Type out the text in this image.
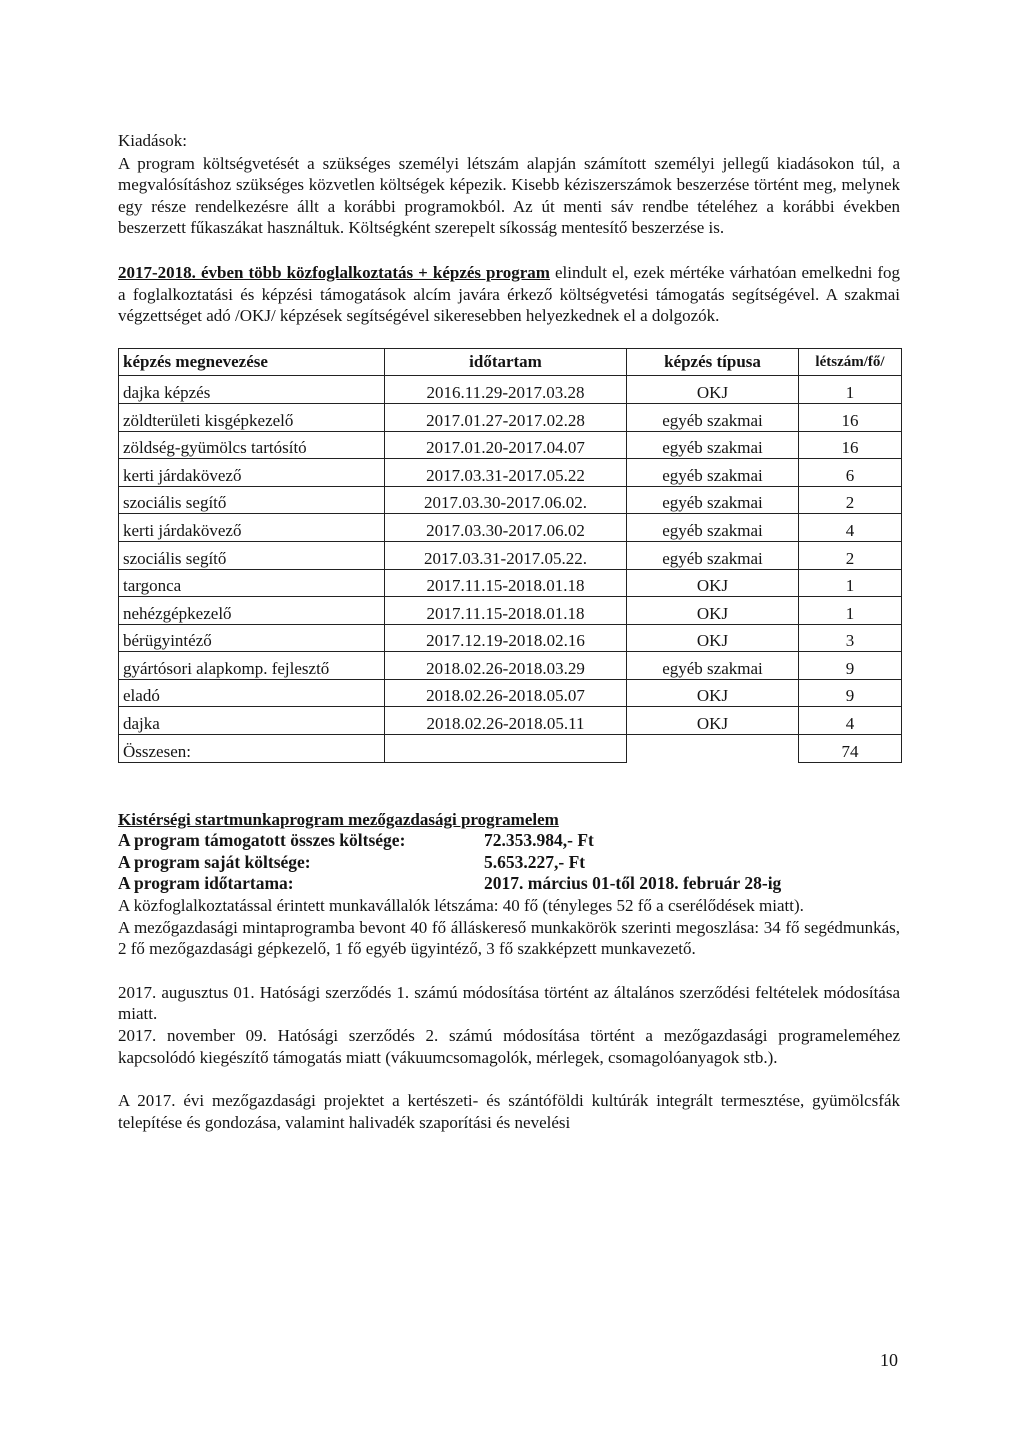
Kiadások:

A program költségvetését a szükséges személyi létszám alapján számított személyi jellegű kiadásokon túl, a megvalósításhoz szükséges közvetlen költségek képezik. Kisebb kéziszerszámok beszerzése történt meg, melynek egy része rendelkezésre állt a korábbi programokból. Az út menti sáv rendbe tételéhez a korábbi években beszerzett fűkaszákat használtuk. Költségként szerepelt síkosság mentesítő beszerzése is.

2017-2018. évben több közfoglalkoztatás + képzés program elindult el, ezek mértéke várhatóan emelkedni fog a foglalkoztatási és képzési támogatások alcím javára érkező költségvetési támogatás segítségével. A szakmai végzettséget adó /OKJ/ képzések segítségével sikeresebben helyezkednek el a dolgozók.

képzés megnevezése	időtartam	képzés típusa	létszám/fő/
dajka képzés	2016.11.29-2017.03.28	OKJ	1
zöldterületi kisgépkezelő	2017.01.27-2017.02.28	egyéb szakmai	16
zöldség-gyümölcs tartósító	2017.01.20-2017.04.07	egyéb szakmai	16
kerti járdakövező	2017.03.31-2017.05.22	egyéb szakmai	6
szociális segítő	2017.03.30-2017.06.02.	egyéb szakmai	2
kerti járdakövező	2017.03.30-2017.06.02	egyéb szakmai	4
szociális segítő	2017.03.31-2017.05.22.	egyéb szakmai	2
targonca	2017.11.15-2018.01.18	OKJ	1
nehézgépkezelő	2017.11.15-2018.01.18	OKJ	1
bérügyintéző	2017.12.19-2018.02.16	OKJ	3
gyártósori alapkomp. fejlesztő	2018.02.26-2018.03.29	egyéb szakmai	9
eladó	2018.02.26-2018.05.07	OKJ	9
dajka	2018.02.26-2018.05.11	OKJ	4
Összesen:			74

Kistérségi startmunkaprogram mezőgazdasági programelem

A program támogatott összes költsége:	72.353.984,- Ft
A program saját költsége:	5.653.227,- Ft
A program időtartama:	2017. március 01-től 2018. február 28-ig

A közfoglalkoztatással érintett munkavállalók létszáma: 40 fő (tényleges 52 fő a cserélődések miatt).

A mezőgazdasági mintaprogramba bevont 40 fő álláskereső munkakörök szerinti megoszlása: 34 fő segédmunkás, 2 fő mezőgazdasági gépkezelő, 1 fő egyéb ügyintéző, 3 fő szakképzett munkavezető.

2017. augusztus 01. Hatósági szerződés 1. számú módosítása történt az általános szerződési feltételek módosítása miatt.

2017. november 09. Hatósági szerződés 2. számú módosítása történt a mezőgazdasági programeleméhez kapcsolódó kiegészítő támogatás miatt (vákuumcsomagolók, mérlegek, csomagolóanyagok stb.).

A 2017. évi mezőgazdasági projektet a kertészeti- és szántóföldi kultúrák integrált termesztése, gyümölcsfák telepítése és gondozása, valamint halivadék szaporítási és nevelési

10
